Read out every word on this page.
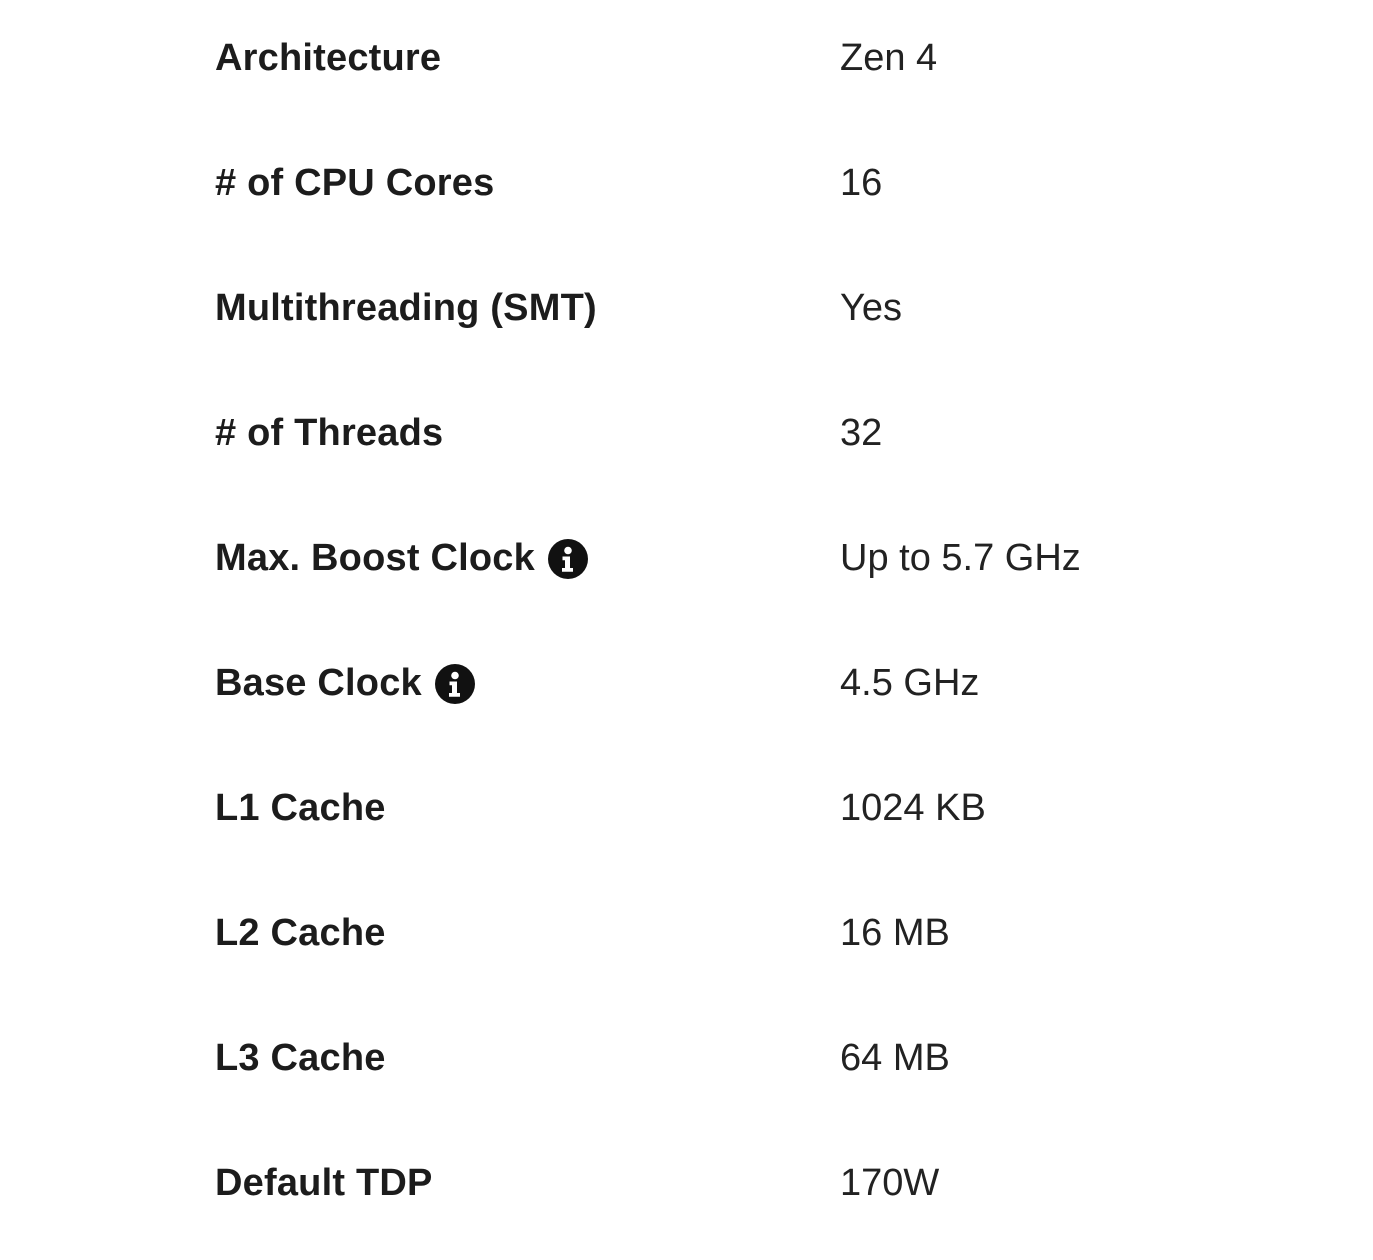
Architecture	Zen 4
# of CPU Cores	16
Multithreading (SMT)	Yes
# of Threads	32
Max. Boost Clock	Up to 5.7 GHz
Base Clock	4.5 GHz
L1 Cache	1024 KB
L2 Cache	16 MB
L3 Cache	64 MB
Default TDP	170W
